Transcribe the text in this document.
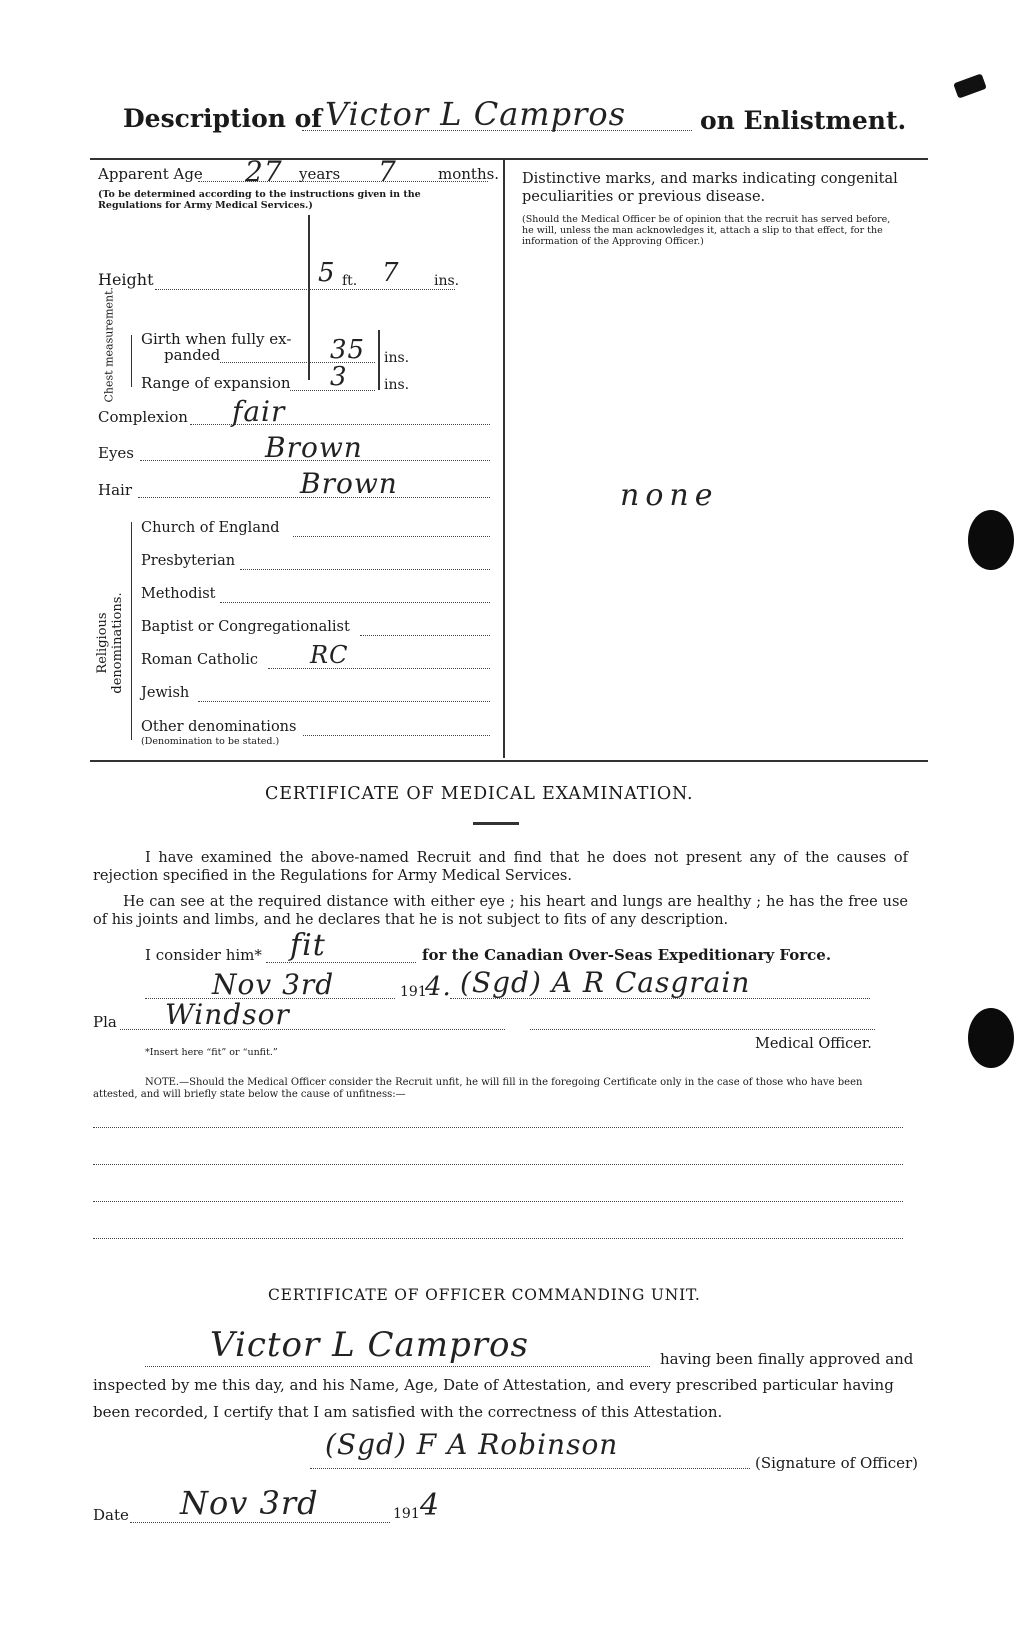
Description of Victor L Campros	on Enlistment.
Apparent Age 27 years 7	months.
(To be determined according to the instructions given in the Regulations for Army Medical Services.)
Height	5 ft. 7 ins.
Chest measurement. Girth when fully ex-
panded	35 ins.
Range of expansion 3	ins.
Complexion fair
Eyes	Brown
Hair	Brown
Religious denominations.
Church of England
Presbyterian
Methodist
Baptist or Congregationalist
Roman Catholic RC
Jewish
Other denominations
(Denomination to be stated.)
Distinctive marks, and marks indicating congenital peculiarities or previous disease.
(Should the Medical Officer be of opinion that the recruit has served before, he will, unless the man acknowledges it, attach a slip to that effect, for the information of the Approving Officer.)
none
CERTIFICATE OF MEDICAL EXAMINATION.
I have examined the above-named Recruit and find that he does not present any of the causes of rejection specified in the Regulations for Army Medical Services.
He can see at the required distance with either eye ; his heart and lungs are healthy ; he has the free use of his joints and limbs, and he declares that he is not subject to fits of any description.
I consider him* fit	for the Canadian Over-Seas Expeditionary Force.
Nov 3rd	191
4. (Sgd) A R Casgrain
Pla Windsor
Medical Officer.
*Insert here “fit” or “unfit.”
NOTE.—Should the Medical Officer consider the Recruit unfit, he will fill in the foregoing Certificate only in the case of those who have been attested, and will briefly state below the cause of unfitness:—
CERTIFICATE OF OFFICER COMMANDING UNIT.
Victor L Campros	having been finally approved and
inspected by me this day, and his Name, Age, Date of Attestation, and every prescribed particular having
been recorded, I certify that I am satisfied with the correctness of this Attestation.
(Sgd) F A Robinson
(Signature of Officer)
Date Nov 3rd	191 4
